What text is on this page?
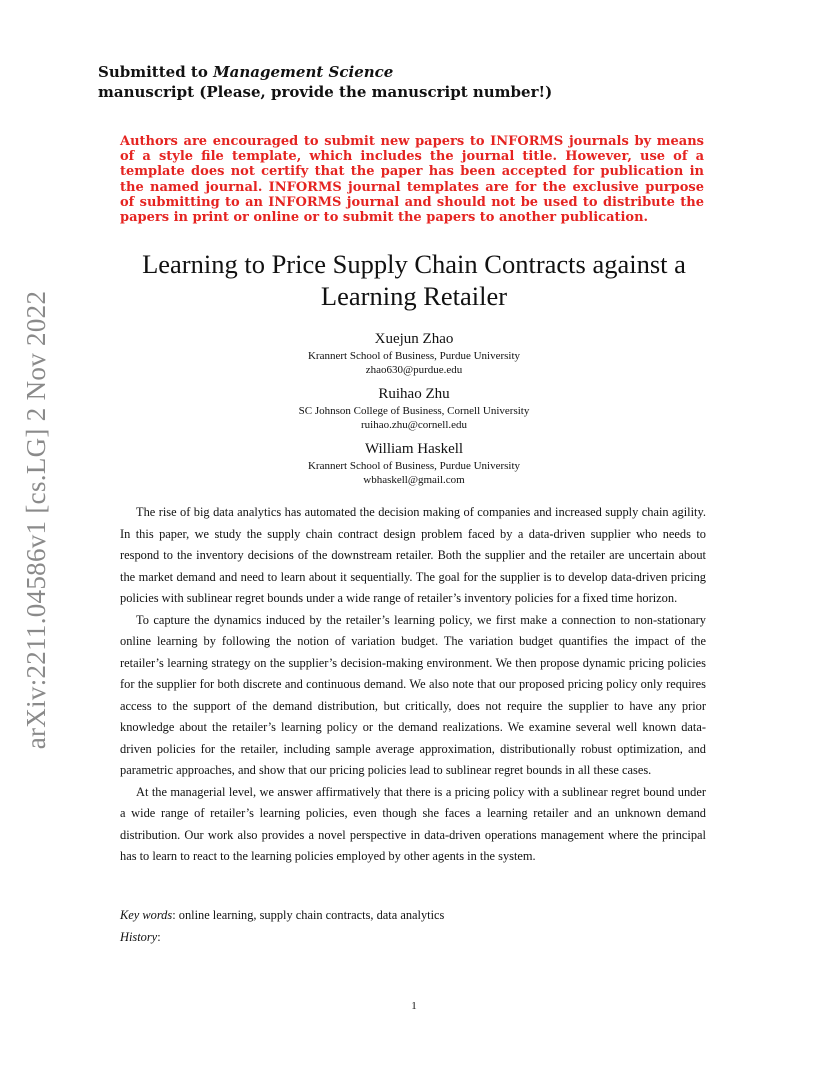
arXiv:2211.04586v1 [cs.LG] 2 Nov 2022
Submitted to Management Science
manuscript (Please, provide the manuscript number!)
Authors are encouraged to submit new papers to INFORMS journals by means of a style file template, which includes the journal title. However, use of a template does not certify that the paper has been accepted for publication in the named journal. INFORMS journal templates are for the exclusive purpose of submitting to an INFORMS journal and should not be used to distribute the papers in print or online or to submit the papers to another publication.
Learning to Price Supply Chain Contracts against a Learning Retailer
Xuejun Zhao
Krannert School of Business, Purdue University
zhao630@purdue.edu
Ruihao Zhu
SC Johnson College of Business, Cornell University
ruihao.zhu@cornell.edu
William Haskell
Krannert School of Business, Purdue University
wbhaskell@gmail.com

The rise of big data analytics has automated the decision making of companies and increased supply chain agility. In this paper, we study the supply chain contract design problem faced by a data-driven supplier who needs to respond to the inventory decisions of the downstream retailer. Both the supplier and the retailer are uncertain about the market demand and need to learn about it sequentially. The goal for the supplier is to develop data-driven pricing policies with sublinear regret bounds under a wide range of retailer’s inventory policies for a fixed time horizon.

To capture the dynamics induced by the retailer’s learning policy, we first make a connection to non-stationary online learning by following the notion of variation budget. The variation budget quantifies the impact of the retailer’s learning strategy on the supplier’s decision-making environment. We then propose dynamic pricing policies for the supplier for both discrete and continuous demand. We also note that our proposed pricing policy only requires access to the support of the demand distribution, but critically, does not require the supplier to have any prior knowledge about the retailer’s learning policy or the demand realizations. We examine several well known data-driven policies for the retailer, including sample average approximation, distributionally robust optimization, and parametric approaches, and show that our pricing policies lead to sublinear regret bounds in all these cases.

At the managerial level, we answer affirmatively that there is a pricing policy with a sublinear regret bound under a wide range of retailer’s learning policies, even though she faces a learning retailer and an unknown demand distribution. Our work also provides a novel perspective in data-driven operations management where the principal has to learn to react to the learning policies employed by other agents in the system.

Key words: online learning, supply chain contracts, data analytics
History:
1
